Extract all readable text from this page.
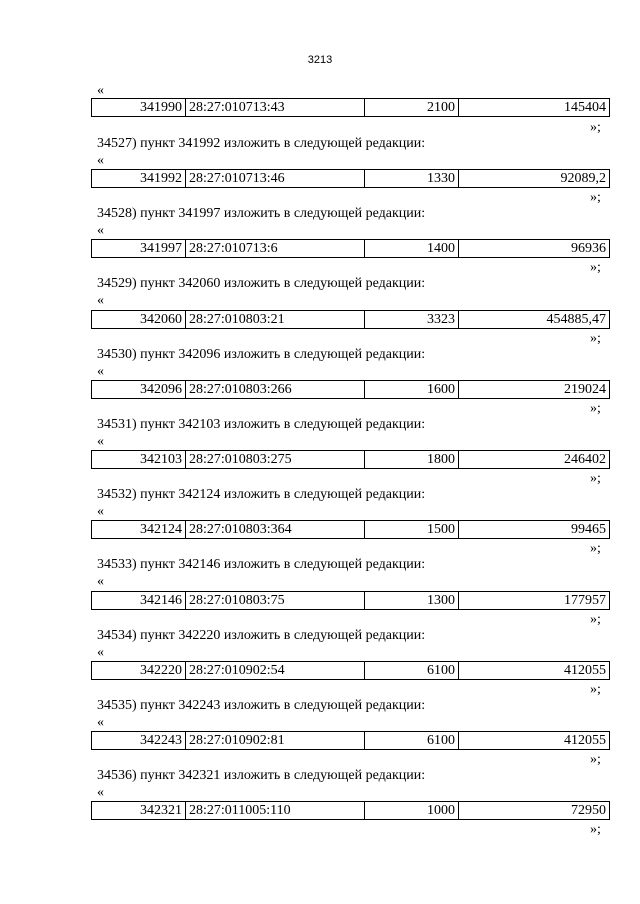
3213
«
341990	28:27:010713:43	2100	145404
»;
34527) пункт 341992 изложить в следующей редакции:
«
341992	28:27:010713:46	1330	92089,2
»;
34528) пункт 341997 изложить в следующей редакции:
«
341997	28:27:010713:6	1400	96936
»;
34529) пункт 342060 изложить в следующей редакции:
«
342060	28:27:010803:21	3323	454885,47
»;
34530) пункт 342096 изложить в следующей редакции:
«
342096	28:27:010803:266	1600	219024
»;
34531) пункт 342103 изложить в следующей редакции:
«
342103	28:27:010803:275	1800	246402
»;
34532) пункт 342124 изложить в следующей редакции:
«
342124	28:27:010803:364	1500	99465
»;
34533) пункт 342146 изложить в следующей редакции:
«
342146	28:27:010803:75	1300	177957
»;
34534) пункт 342220 изложить в следующей редакции:
«
342220	28:27:010902:54	6100	412055
»;
34535) пункт 342243 изложить в следующей редакции:
«
342243	28:27:010902:81	6100	412055
»;
34536) пункт 342321 изложить в следующей редакции:
«
342321	28:27:011005:110	1000	72950
»;
